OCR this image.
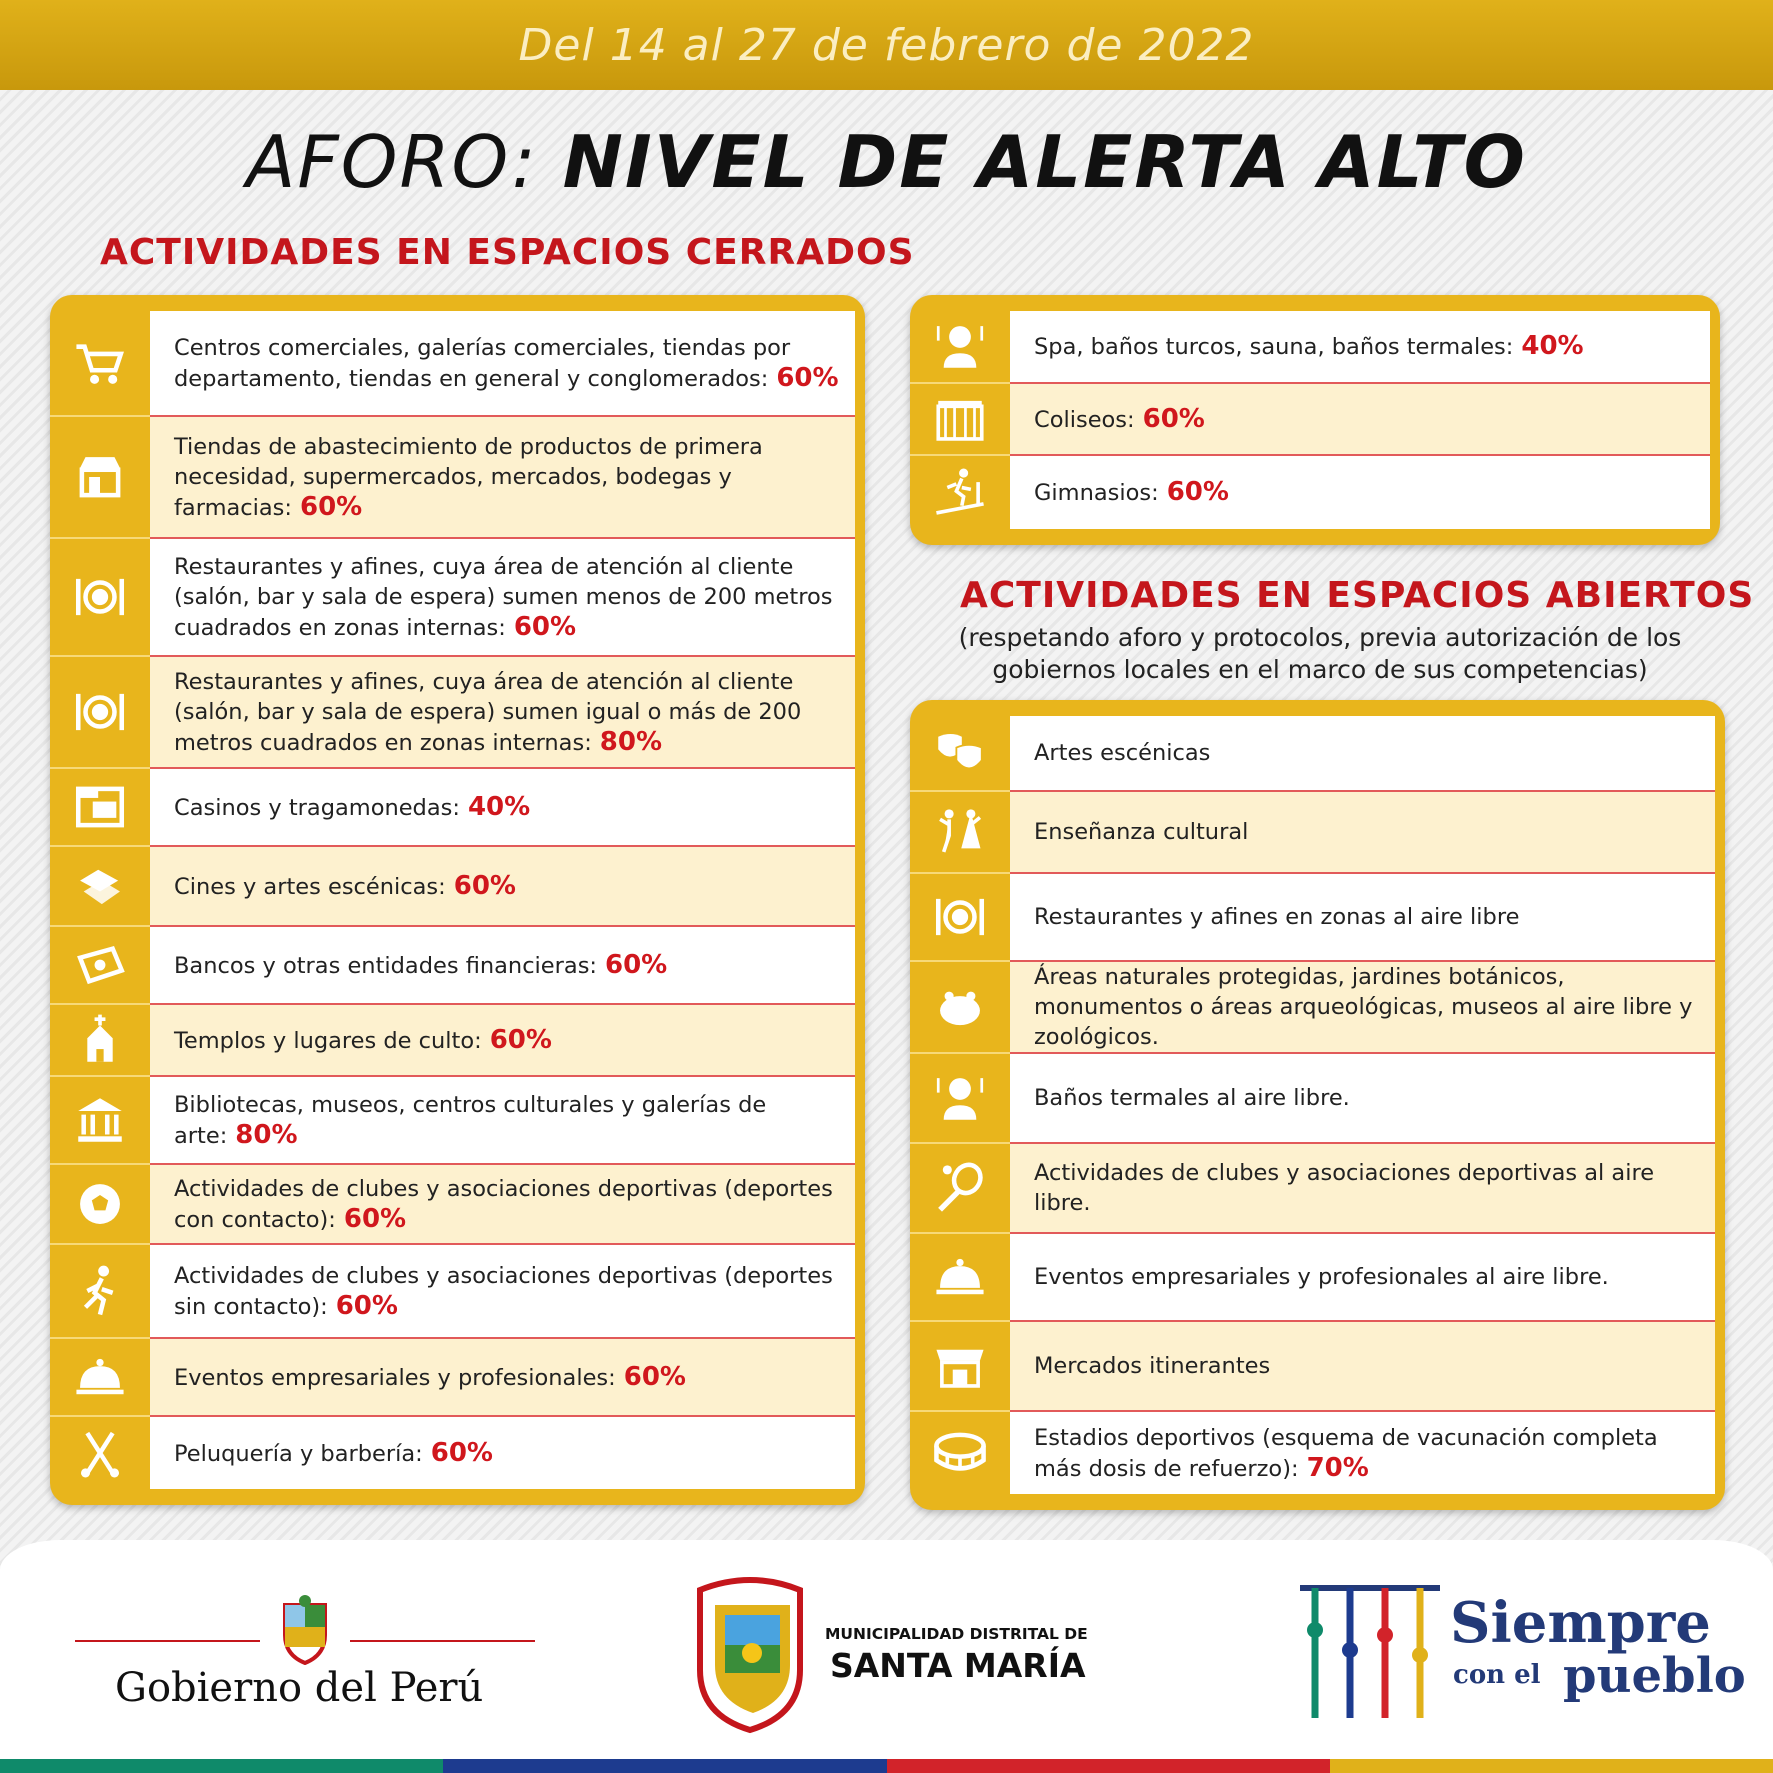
Del 14 al 27 de febrero de 2022
AFORO: NIVEL DE ALERTA ALTO
ACTIVIDADES EN ESPACIOS CERRADOS
Centros comerciales, galerías comerciales, tiendas por departamento, tiendas en general y conglomerados: 60%
Tiendas de abastecimiento de productos de primera necesidad, supermercados, mercados, bodegas y farmacias: 60%
Restaurantes y afines, cuya área de atención al cliente (salón, bar y sala de espera) sumen menos de 200 metros cuadrados en zonas internas: 60%
Restaurantes y afines, cuya área de atención al cliente (salón, bar y sala de espera) sumen igual o más de 200 metros cuadrados en zonas internas: 80%
Casinos y tragamonedas: 40%
Cines y artes escénicas: 60%
Bancos y otras entidades financieras: 60%
Templos y lugares de culto: 60%
Bibliotecas, museos, centros culturales y galerías de arte: 80%
Actividades de clubes y asociaciones deportivas (deportes con contacto): 60%
Actividades de clubes y asociaciones deportivas (deportes sin contacto): 60%
Eventos empresariales y profesionales: 60%
Peluquería y barbería: 60%
Spa, baños turcos, sauna, baños termales: 40%
Coliseos: 60%
Gimnasios: 60%
ACTIVIDADES EN ESPACIOS ABIERTOS
(respetando aforo y protocolos, previa autorización de los gobiernos locales en el marco de sus competencias)
Artes escénicas
Enseñanza cultural
Restaurantes y afines en zonas al aire libre
Áreas naturales protegidas, jardines botánicos, monumentos o áreas arqueológicas, museos al aire libre y zoológicos.
Baños termales al aire libre.
Actividades de clubes y asociaciones deportivas al aire libre.
Eventos empresariales y profesionales al aire libre.
Mercados itinerantes
Estadios deportivos (esquema de vacunación completa más dosis de refuerzo): 70%
Gobierno del Perú
MUNICIPALIDAD DISTRITAL DE
SANTA MARÍA
Siempre
con el pueblo
